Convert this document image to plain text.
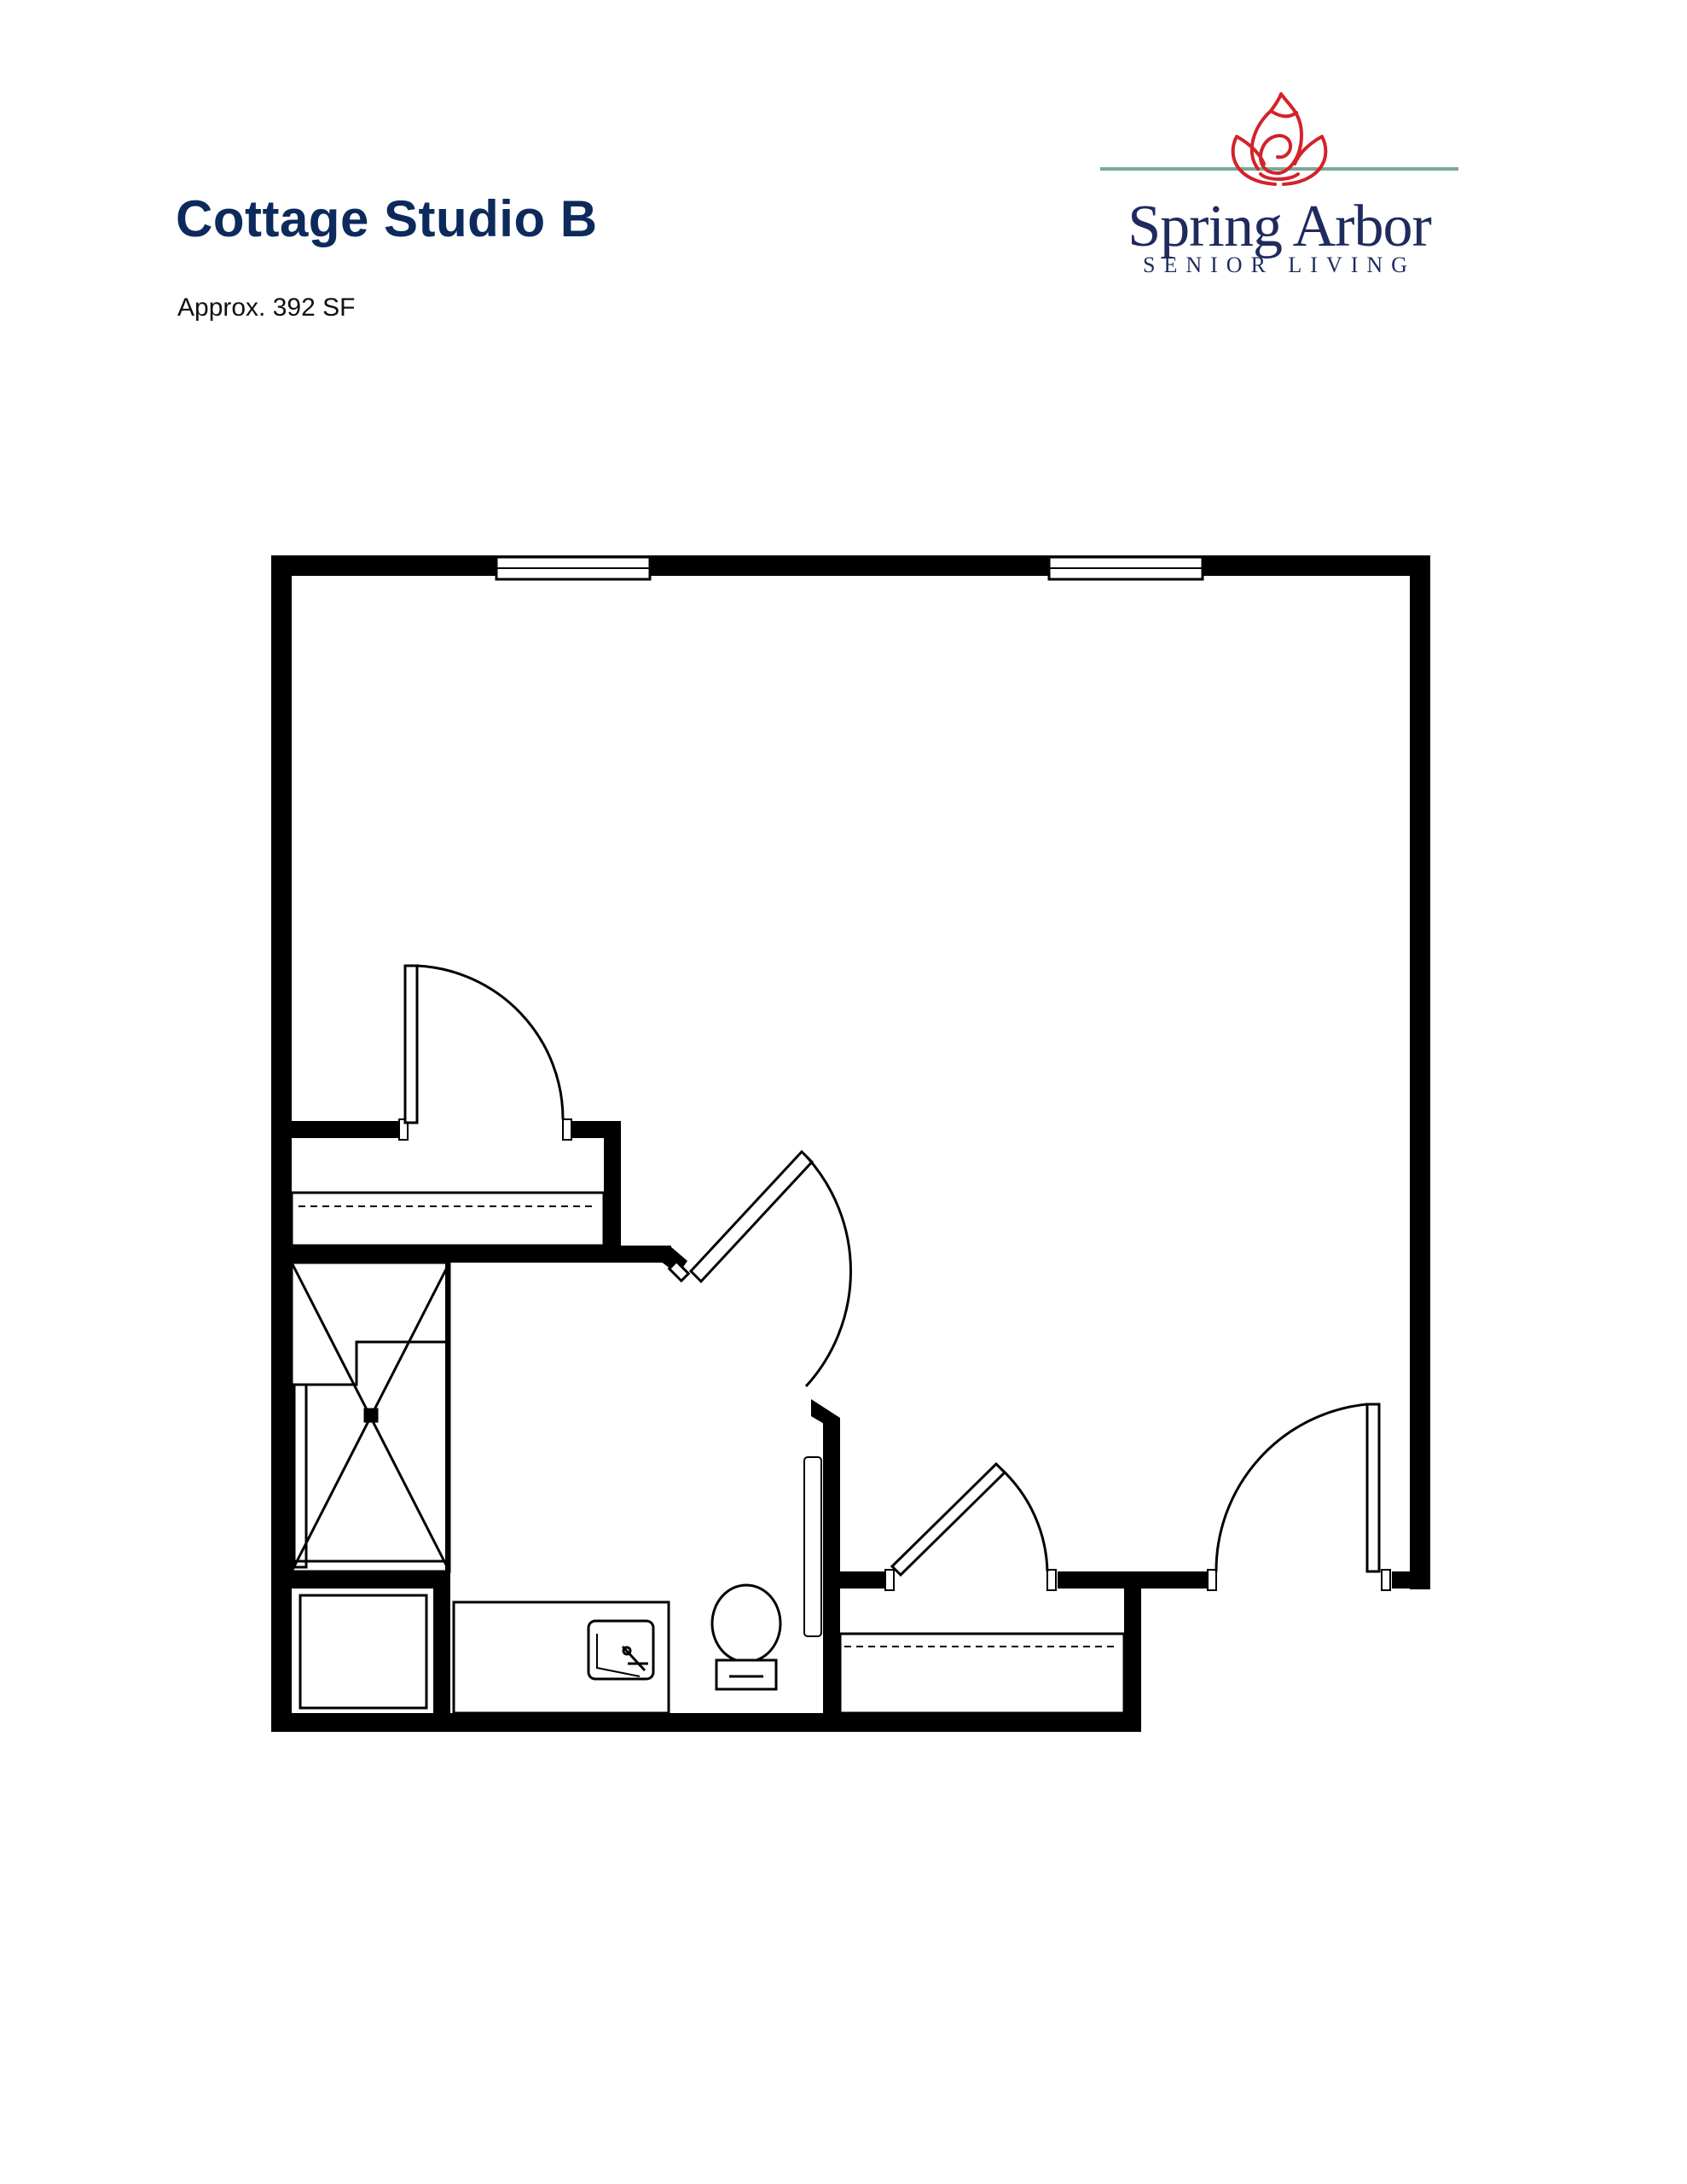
Cottage Studio B
Approx. 392 SF
Spring Arbor
SENIOR LIVING
